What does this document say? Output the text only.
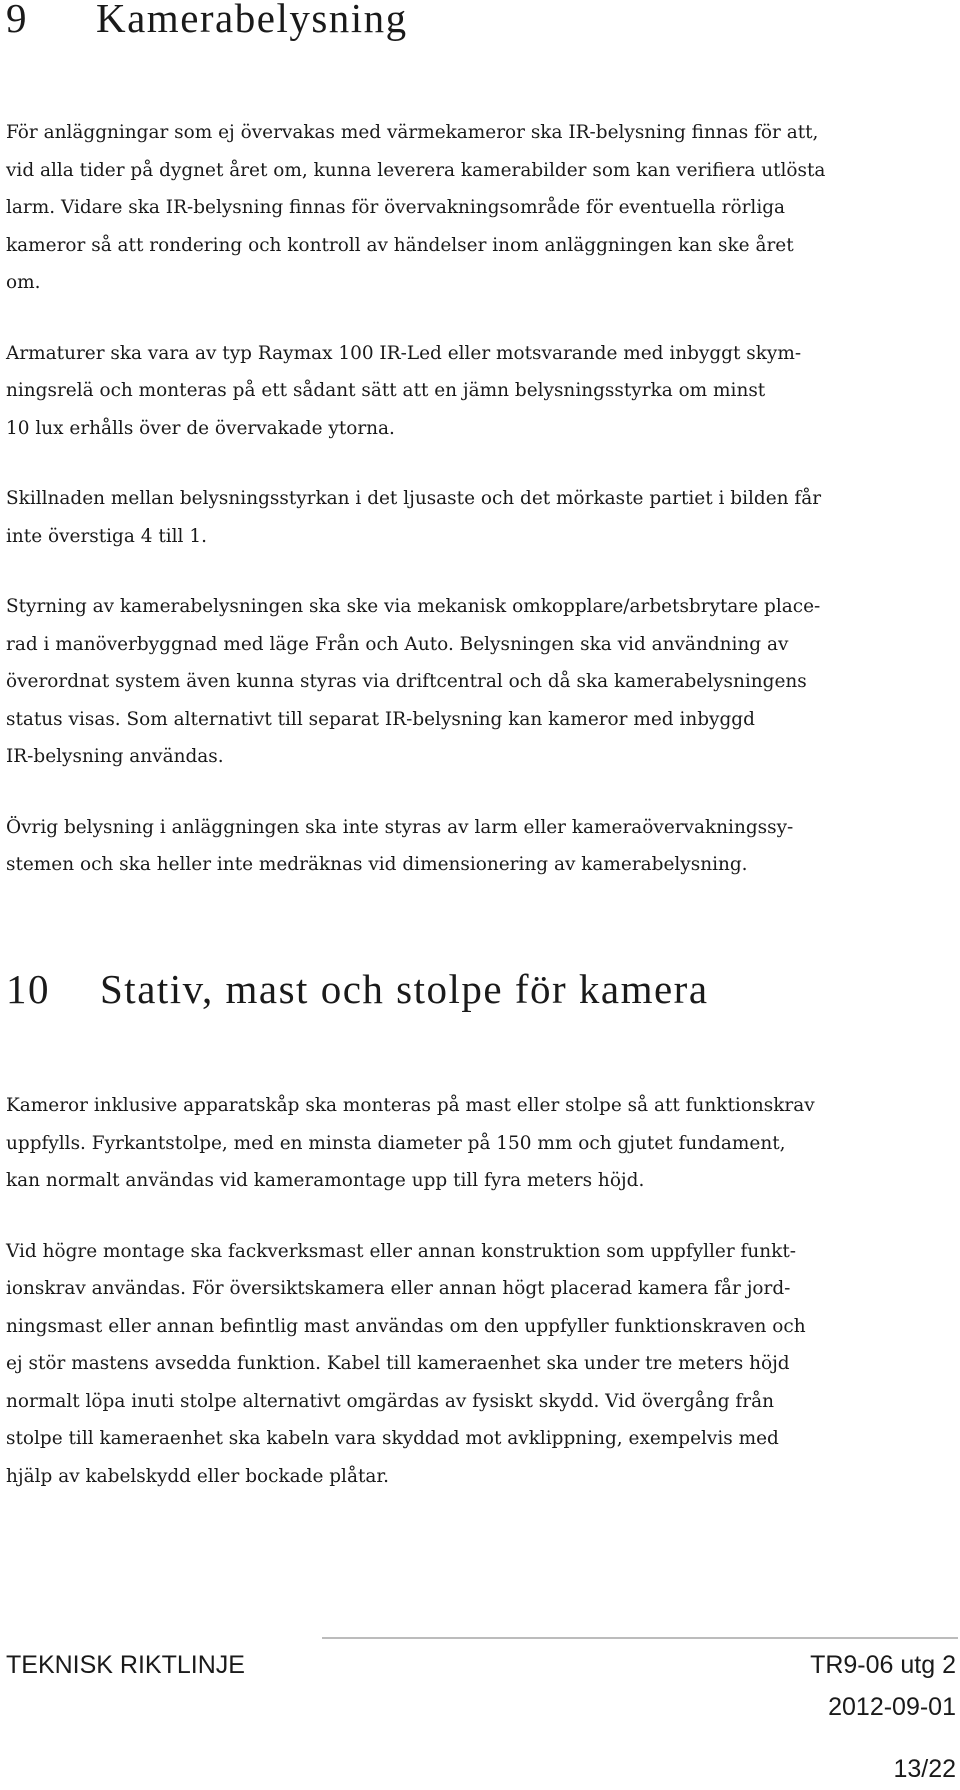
9 Kamerabelysning

För anläggningar som ej övervakas med värmekameror ska IR-belysning finnas för att,
vid alla tider på dygnet året om, kunna leverera kamerabilder som kan verifiera utlösta
larm. Vidare ska IR-belysning finnas för övervakningsområde för eventuella rörliga
kameror så att rondering och kontroll av händelser inom anläggningen kan ske året
om.

Armaturer ska vara av typ Raymax 100 IR-Led eller motsvarande med inbyggt skym-
ningsrelä och monteras på ett sådant sätt att en jämn belysningsstyrka om minst
10 lux erhålls över de övervakade ytorna.

Skillnaden mellan belysningsstyrkan i det ljusaste och det mörkaste partiet i bilden får
inte överstiga 4 till 1.

Styrning av kamerabelysningen ska ske via mekanisk omkopplare/arbetsbrytare place-
rad i manöverbyggnad med läge Från och Auto. Belysningen ska vid användning av
överordnat system även kunna styras via driftcentral och då ska kamerabelysningens
status visas. Som alternativt till separat IR-belysning kan kameror med inbyggd
IR-belysning användas.

Övrig belysning i anläggningen ska inte styras av larm eller kameraövervakningssy-
stemen och ska heller inte medräknas vid dimensionering av kamerabelysning.

10 Stativ, mast och stolpe för kamera

Kameror inklusive apparatskåp ska monteras på mast eller stolpe så att funktionskrav
uppfylls. Fyrkantstolpe, med en minsta diameter på 150 mm och gjutet fundament,
kan normalt användas vid kameramontage upp till fyra meters höjd.

Vid högre montage ska fackverksmast eller annan konstruktion som uppfyller funkt-
ionskrav användas. För översiktskamera eller annan högt placerad kamera får jord-
ningsmast eller annan befintlig mast användas om den uppfyller funktionskraven och
ej stör mastens avsedda funktion. Kabel till kameraenhet ska under tre meters höjd
normalt löpa inuti stolpe alternativt omgärdas av fysiskt skydd. Vid övergång från
stolpe till kameraenhet ska kabeln vara skyddad mot avklippning, exempelvis med
hjälp av kabelskydd eller bockade plåtar.

TEKNISK RIKTLINJE	TR9-06 utg 2
2012-09-01
13/22
